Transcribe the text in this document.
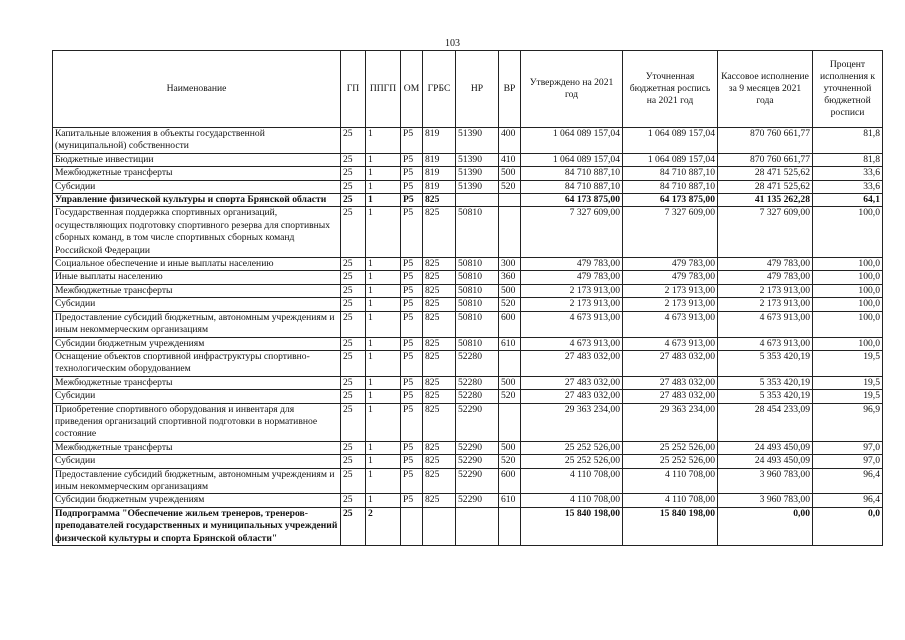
103
Наименование	ГП	ППГП	ОМ	ГРБС	НР	ВР	Утверждено на 2021 год	Уточненная бюджетная роспись на 2021 год	Кассовое исполнение за 9 месяцев 2021 года	Процент исполнения к уточненной бюджетной росписи
Капитальные вложения в объекты государственной (муниципальной) собственности	25	1	Р5	819	51390	400	1 064 089 157,04	1 064 089 157,04	870 760 661,77	81,8
Бюджетные инвестиции	25	1	Р5	819	51390	410	1 064 089 157,04	1 064 089 157,04	870 760 661,77	81,8
Межбюджетные трансферты	25	1	Р5	819	51390	500	84 710 887,10	84 710 887,10	28 471 525,62	33,6
Субсидии	25	1	Р5	819	51390	520	84 710 887,10	84 710 887,10	28 471 525,62	33,6
Управление физической культуры и спорта Брянской области	25	1	Р5	825			64 173 875,00	64 173 875,00	41 135 262,28	64,1
Государственная поддержка спортивных организаций, осуществляющих подготовку спортивного резерва для спортивных сборных команд, в том числе спортивных сборных команд Российской Федерации	25	1	Р5	825	50810		7 327 609,00	7 327 609,00	7 327 609,00	100,0
Социальное обеспечение и иные выплаты населению	25	1	Р5	825	50810	300	479 783,00	479 783,00	479 783,00	100,0
Иные выплаты населению	25	1	Р5	825	50810	360	479 783,00	479 783,00	479 783,00	100,0
Межбюджетные трансферты	25	1	Р5	825	50810	500	2 173 913,00	2 173 913,00	2 173 913,00	100,0
Субсидии	25	1	Р5	825	50810	520	2 173 913,00	2 173 913,00	2 173 913,00	100,0
Предоставление субсидий бюджетным, автономным учреждениям и иным некоммерческим организациям	25	1	Р5	825	50810	600	4 673 913,00	4 673 913,00	4 673 913,00	100,0
Субсидии бюджетным учреждениям	25	1	Р5	825	50810	610	4 673 913,00	4 673 913,00	4 673 913,00	100,0
Оснащение объектов спортивной инфраструктуры спортивно-технологическим оборудованием	25	1	Р5	825	52280		27 483 032,00	27 483 032,00	5 353 420,19	19,5
Межбюджетные трансферты	25	1	Р5	825	52280	500	27 483 032,00	27 483 032,00	5 353 420,19	19,5
Субсидии	25	1	Р5	825	52280	520	27 483 032,00	27 483 032,00	5 353 420,19	19,5
Приобретение спортивного оборудования и инвентаря для приведения организаций спортивной подготовки в нормативное состояние	25	1	Р5	825	52290		29 363 234,00	29 363 234,00	28 454 233,09	96,9
Межбюджетные трансферты	25	1	Р5	825	52290	500	25 252 526,00	25 252 526,00	24 493 450,09	97,0
Субсидии	25	1	Р5	825	52290	520	25 252 526,00	25 252 526,00	24 493 450,09	97,0
Предоставление субсидий бюджетным, автономным учреждениям и иным некоммерческим организациям	25	1	Р5	825	52290	600	4 110 708,00	4 110 708,00	3 960 783,00	96,4
Субсидии бюджетным учреждениям	25	1	Р5	825	52290	610	4 110 708,00	4 110 708,00	3 960 783,00	96,4
Подпрограмма "Обеспечение жильем тренеров, тренеров-преподавателей государственных и муниципальных учреждений физической культуры и спорта Брянской области"	25	2					15 840 198,00	15 840 198,00	0,00	0,0
